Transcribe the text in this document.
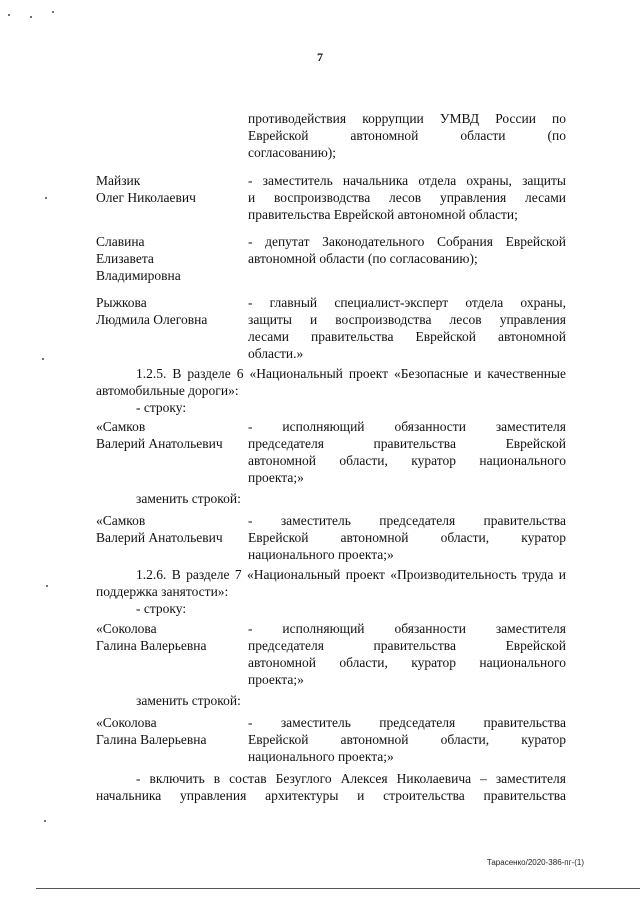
7
противодействия коррупции УМВД России по
Еврейской автономной области (по
согласованию);
Майзик
Олег Николаевич
- заместитель начальника отдела охраны, защиты
и воспроизводства лесов управления лесами
правительства Еврейской автономной области;
Славина
Елизавета
Владимировна
- депутат Законодательного Собрания Еврейской
автономной области (по согласованию);
Рыжкова
Людмила Олеговна
- главный специалист-эксперт отдела охраны,
защиты и воспроизводства лесов управления
лесами правительства Еврейской автономной
области.»
1.2.5. В разделе 6 «Национальный проект «Безопасные и качественные
автомобильные дороги»:
- строку:
«Самков
Валерий Анатольевич
- исполняющий обязанности заместителя
председателя правительства Еврейской
автономной области, куратор национального
проекта;»
заменить строкой:
«Самков
Валерий Анатольевич
- заместитель председателя правительства
Еврейской автономной области, куратор
национального проекта;»
1.2.6. В разделе 7 «Национальный проект «Производительность труда и
поддержка занятости»:
- строку:
«Соколова
Галина Валерьевна
- исполняющий обязанности заместителя
председателя правительства Еврейской
автономной области, куратор национального
проекта;»
заменить строкой:
«Соколова
Галина Валерьевна
- заместитель председателя правительства
Еврейской автономной области, куратор
национального проекта;»
- включить в состав Безуглого Алексея Николаевича – заместителя
начальника управления архитектуры и строительства правительства
Тарасенко/2020-386-пг-(1)
